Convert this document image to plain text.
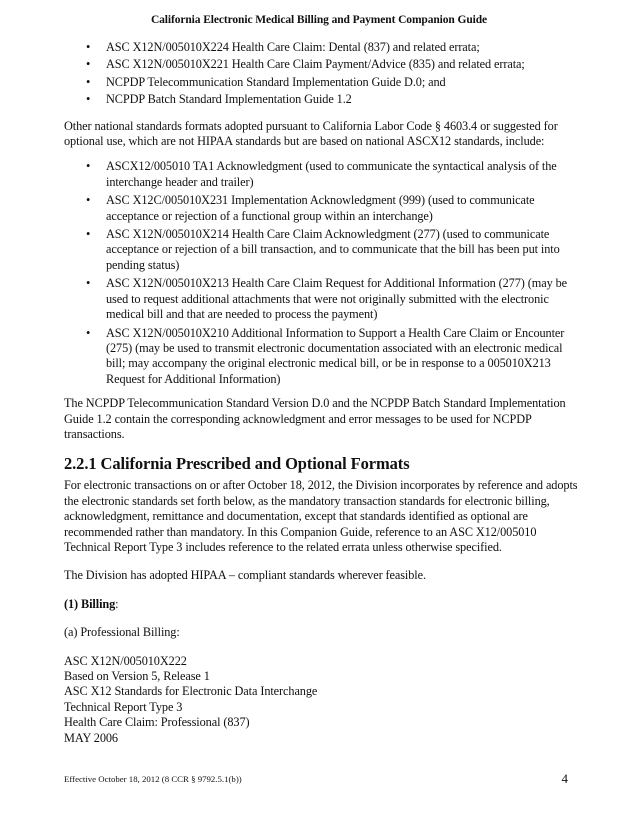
California Electronic Medical Billing and Payment Companion Guide
• ASC X12N/005010X224 Health Care Claim: Dental (837) and related errata;
• ASC X12N/005010X221 Health Care Claim Payment/Advice (835) and related errata;
• NCPDP Telecommunication Standard Implementation Guide D.0; and
• NCPDP Batch Standard Implementation Guide 1.2

Other national standards formats adopted pursuant to California Labor Code § 4603.4 or suggested for optional use, which are not HIPAA standards but are based on national ASCX12 standards, include:

• ASCX12/005010 TA1 Acknowledgment (used to communicate the syntactical analysis of the interchange header and trailer)
• ASC X12C/005010X231 Implementation Acknowledgment (999) (used to communicate acceptance or rejection of a functional group within an interchange)
• ASC X12N/005010X214 Health Care Claim Acknowledgment (277) (used to communicate acceptance or rejection of a bill transaction, and to communicate that the bill has been put into pending status)
• ASC X12N/005010X213 Health Care Claim Request for Additional Information (277) (may be used to request additional attachments that were not originally submitted with the electronic medical bill and that are needed to process the payment)
• ASC X12N/005010X210 Additional Information to Support a Health Care Claim or Encounter (275) (may be used to transmit electronic documentation associated with an electronic medical bill; may accompany the original electronic medical bill, or be in response to a 005010X213 Request for Additional Information)

The NCPDP Telecommunication Standard Version D.0 and the NCPDP Batch Standard Implementation Guide 1.2 contain the corresponding acknowledgment and error messages to be used for NCPDP transactions.

2.2.1 California Prescribed and Optional Formats

For electronic transactions on or after October 18, 2012, the Division incorporates by reference and adopts the electronic standards set forth below, as the mandatory transaction standards for electronic billing, acknowledgment, remittance and documentation, except that standards identified as optional are recommended rather than mandatory. In this Companion Guide, reference to an ASC X12/005010 Technical Report Type 3 includes reference to the related errata unless otherwise specified.

The Division has adopted HIPAA – compliant standards wherever feasible.

(1) Billing:

(a) Professional Billing:

ASC X12N/005010X222

Based on Version 5, Release 1

ASC X12 Standards for Electronic Data Interchange

Technical Report Type 3

Health Care Claim: Professional (837)

MAY 2006

Effective October 18, 2012 (8 CCR § 9792.5.1(b))	4
